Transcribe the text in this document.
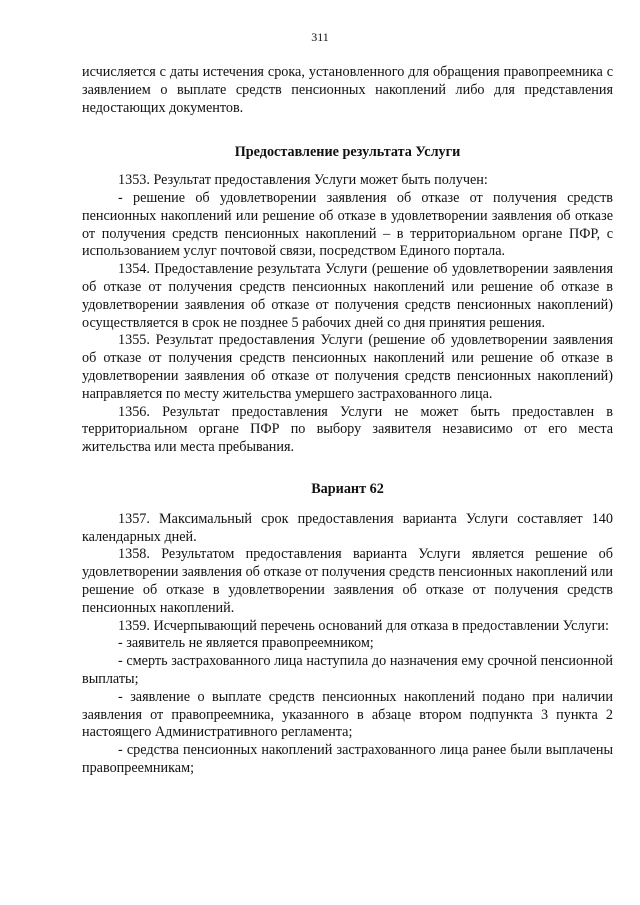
311

исчисляется с даты истечения срока, установленного для обращения правопреемника с заявлением о выплате средств пенсионных накоплений либо для представления недостающих документов.

Предоставление результата Услуги

1353. Результат предоставления Услуги может быть получен:

- решение об удовлетворении заявления об отказе от получения средств пенсионных накоплений или решение об отказе в удовлетворении заявления об отказе от получения средств пенсионных накоплений – в территориальном органе ПФР, с использованием услуг почтовой связи, посредством Единого портала.

1354. Предоставление результата Услуги (решение об удовлетворении заявления об отказе от получения средств пенсионных накоплений или решение об отказе в удовлетворении заявления об отказе от получения средств пенсионных накоплений) осуществляется в срок не позднее 5 рабочих дней со дня принятия решения.

1355. Результат предоставления Услуги (решение об удовлетворении заявления об отказе от получения средств пенсионных накоплений или решение об отказе в удовлетворении заявления об отказе от получения средств пенсионных накоплений) направляется по месту жительства умершего застрахованного лица.

1356. Результат предоставления Услуги не может быть предоставлен в территориальном органе ПФР по выбору заявителя независимо от его места жительства или места пребывания.

Вариант 62

1357. Максимальный срок предоставления варианта Услуги составляет 140 календарных дней.

1358. Результатом предоставления варианта Услуги является решение об удовлетворении заявления об отказе от получения средств пенсионных накоплений или решение об отказе в удовлетворении заявления об отказе от получения средств пенсионных накоплений.

1359. Исчерпывающий перечень оснований для отказа в предоставлении Услуги:

- заявитель не является правопреемником;

- смерть застрахованного лица наступила до назначения ему срочной пенсионной выплаты;

- заявление о выплате средств пенсионных накоплений подано при наличии заявления от правопреемника, указанного в абзаце втором подпункта 3 пункта 2 настоящего Административного регламента;

- средства пенсионных накоплений застрахованного лица ранее были выплачены правопреемникам;
